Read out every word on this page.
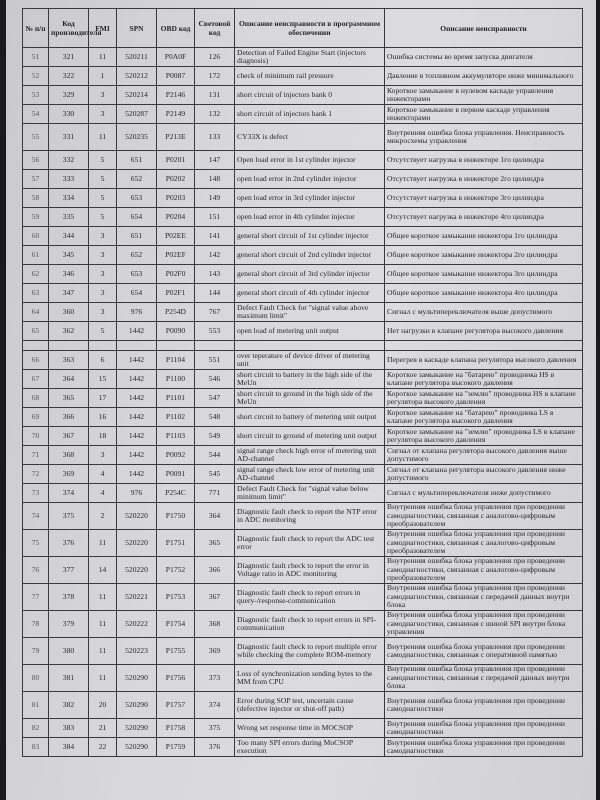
№ п/п	Код производителя	FMI	SPN	OBD код	Световой код	Описание неисправности в программном обеспечении	Описание неисправности
51	321	11	520211	P0A0F	126	Detection of Failed Engine Start (injectors diagnosis)	Ошибка системы во время запуска двигателя
52	322	1	520212	P0087	172	check of minimum rail pressure	Давление в топливном аккумуляторе ниже минимального
53	329	3	520214	P2146	131	short circuit of injectors bank 0	Короткое замыкание в нулевом каскаде управления инжекторами
54	330	3	520287	P2149	132	short circuit of injectors bank 1	Короткое замыкание в первом каскаде управления инжекторами
55	331	11	520235	P213E	133	CY33X is defect	Внутренняя ошибка блока управления. Неисправность микросхемы управления
56	332	5	651	P0201	147	Open load error in 1st cylinder injector	Отсутствует нагрузка в инжекторе 1го цилиндра
57	333	5	652	P0202	148	open load error in 2nd cylinder injector	Отсутствует нагрузка в инжекторе 2го цилиндра
58	334	5	653	P0203	149	open load error in 3rd cylinder injector	Отсутствует нагрузка в инжекторе 3го цилиндра
59	335	5	654	P0204	151	open load error in 4th cylinder injector	Отсутствует нагрузка в инжекторе 4го цилиндра
60	344	3	651	P02EE	141	general short circuit of 1st cylinder injector	Общее короткое замыкание инжектора 1го цилиндра
61	345	3	652	P02EF	142	general short circuit of 2nd cylinder injector	Общее короткое замыкание инжектора 2го цилиндра
62	346	3	653	P02F0	143	general short circuit of 3rd cylinder injector	Общее короткое замыкание инжектора 3го цилиндра
63	347	3	654	P02F1	144	general short circuit of 4th cylinder injector	Общее короткое замыкание инжектора 4го цилиндра
64	360	3	976	P254D	767	Defect Fault Check for "signal value above maximum limit"	Сигнал с мультипереключателя выше допустимого
65	362	5	1442	P0090	553	open load of metering unit output	Нет нагрузки в клапане регулятора высокого давления

66	363	6	1442	P1104	551	over teperature of device driver of metering unit	Перегрев в каскаде клапана регулятора высокого давления
67	364	15	1442	P1100	546	short circuit to battery in the high side of the MeUn	Короткое замыкание на "батарею" проводника HS в клапане регулятора высокого давления
68	365	17	1442	P1101	547	short circuit to ground in the high side of the MeUn	Короткое замыкание на "землю" проводника HS в клапане регулятора высокого давления
69	366	16	1442	P1102	548	short circuit to battery of metering unit output	Короткое замыкание на "батарею" проводника LS в клапане регулятора высокого давления
70	367	18	1442	P1103	549	short circuit to ground of metering unit output	Короткое замыкание на "землю" проводника LS в клапане регулятора высокого давления
71	368	3	1442	P0092	544	signal range check high error of metering unit AD-channel	Сигнал от клапана регулятора высокого давления выше допустимого
72	369	4	1442	P0091	545	signal range check low error of metering unit AD-channel	Сигнал от клапана регулятора высокого давления ниже допустимого
73	374	4	976	P254C	771	Defect Fault Check for "signal value below minimum limit"	Сигнал с мультипереключателя ниже допустимого
74	375	2	520220	P1750	364	Diagnostic fault check to report the NTP error in ADC monitoring	Внутренняя ошибка блока управления при проведении самодиагностики, связанная с аналогово-цифровым преобразователем
75	376	11	520220	P1751	365	Diagnostic fault check to report the ADC test error	Внутренняя ошибка блока управления при проведении самодиагностики, связанная с аналогово-цифровым преобразователем
76	377	14	520220	P1752	366	Diagnostic fault check to report the error in Voltage ratio in ADC monitoring	Внутренняя ошибка блока управления при проведении самодиагностики, связанная с аналогово-цифровым преобразователем
77	378	11	520221	P1753	367	Diagnostic fault check to report errors in query-/response-communication	Внутренняя ошибка блока управления при проведении самодиагностики, связанная с передачей данных внутри блока
78	379	11	520222	P1754	368	Diagnostic fault check to report errors in SPI-communication	Внутренняя ошибка блока управления при проведении самодиагностики, связанная с шиной SPI внутри блока управления
79	380	11	520223	P1755	369	Diagnostic fault check to report multiple error while checking the complete ROM-memory	Внутренняя ошибка блока управления при проведении самодиагностики, связанная с оперативной памятью
80	381	11	520290	P1756	373	Loss of synchronization sending bytes to the MM from CPU	Внутренняя ошибка блока управления при проведении самодиагностики, связанная с передачей данных внутри блока
81	382	20	520290	P1757	374	Error during SOP test, uncertain cause (defective injector or shut-off path)	Внутренняя ошибка блока управления при проведении самодиагностики
82	383	21	520290	P1758	375	Wrong set response time in MOCSOP	Внутренняя ошибка блока управления при проведении самодиагностики
83	384	22	520290	P1759	376	Too many SPI errors during MoCSOP execution	Внутренняя ошибка блока управления при проведении самодиагностики
